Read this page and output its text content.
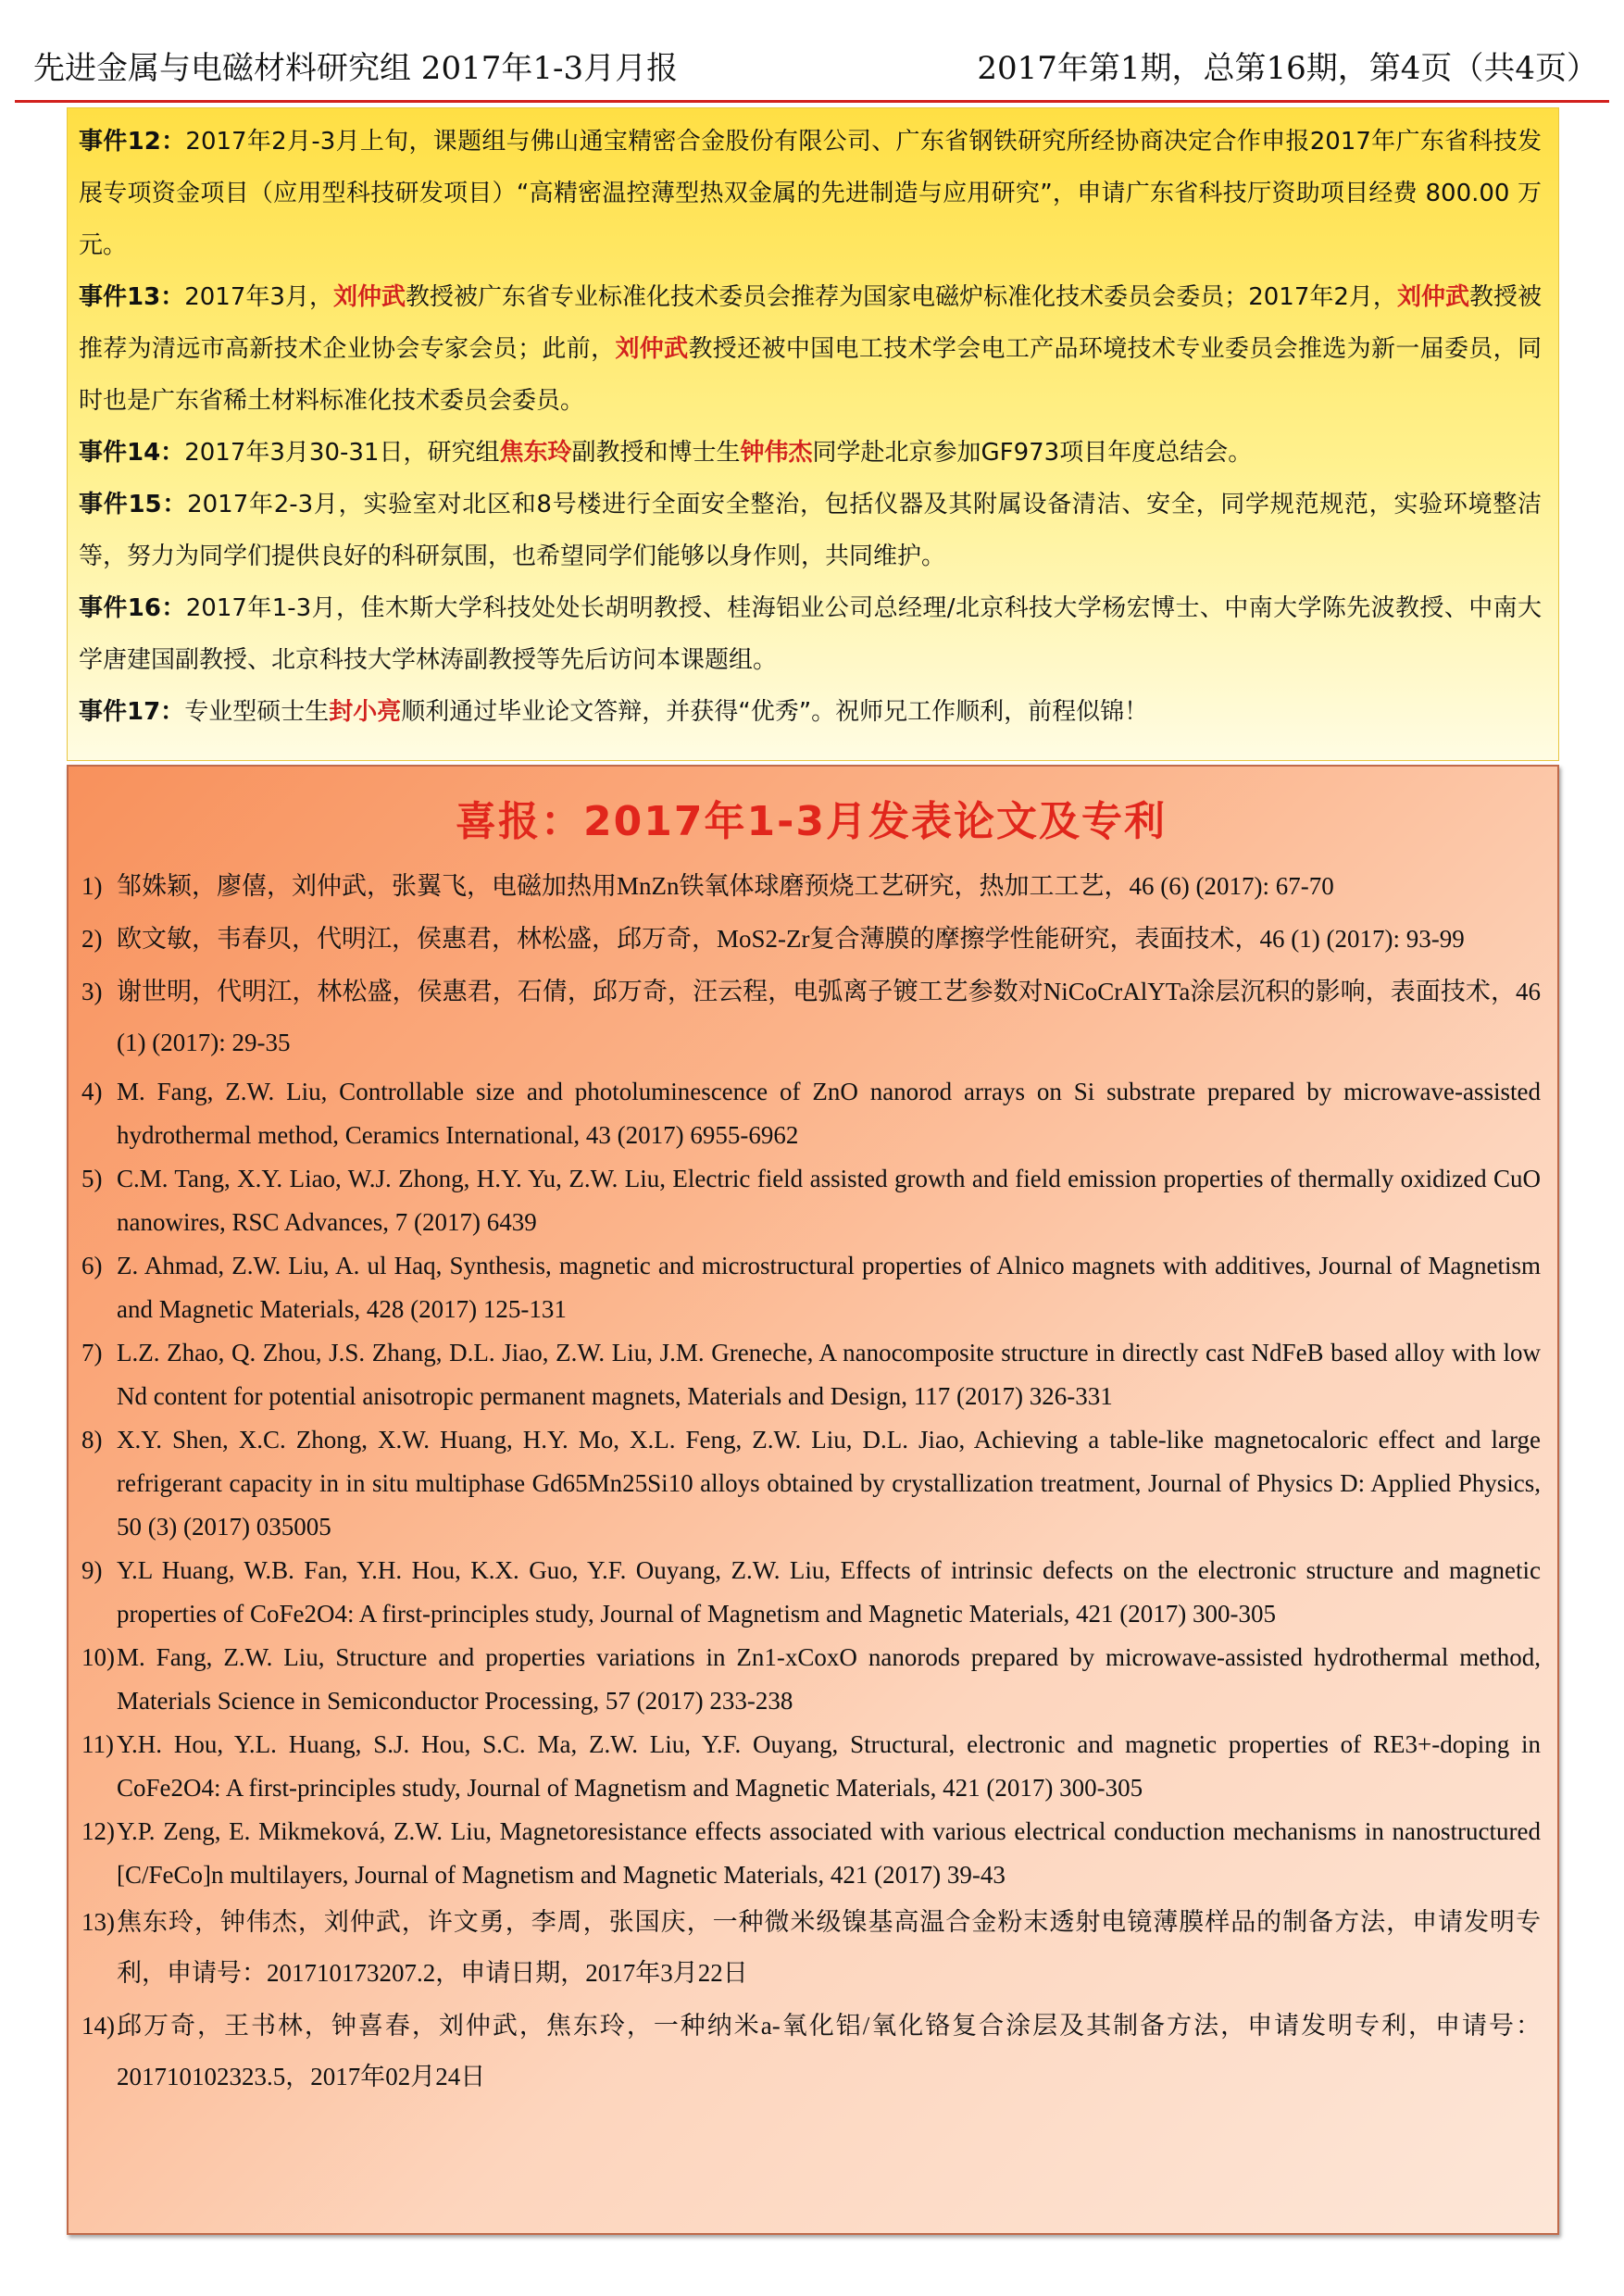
先进金属与电磁材料研究组 2017年1-3月月报	2017年第1期，总第16期，第4页（共4页）

事件12：2017年2月-3月上旬，课题组与佛山通宝精密合金股份有限公司、广东省钢铁研究所经协商决定合作申报2017年广东省科技发展专项资金项目（应用型科技研发项目）“高精密温控薄型热双金属的先进制造与应用研究”，申请广东省科技厅资助项目经费 800.00 万元。

事件13：2017年3月，刘仲武教授被广东省专业标准化技术委员会推荐为国家电磁炉标准化技术委员会委员；2017年2月，刘仲武教授被推荐为清远市高新技术企业协会专家会员；此前，刘仲武教授还被中国电工技术学会电工产品环境技术专业委员会推选为新一届委员，同时也是广东省稀土材料标准化技术委员会委员。

事件14：2017年3月30-31日，研究组焦东玲副教授和博士生钟伟杰同学赴北京参加GF973项目年度总结会。

事件15：2017年2-3月，实验室对北区和8号楼进行全面安全整治，包括仪器及其附属设备清洁、安全，同学规范规范，实验环境整洁等，努力为同学们提供良好的科研氛围，也希望同学们能够以身作则，共同维护。

事件16：2017年1-3月，佳木斯大学科技处处长胡明教授、桂海铝业公司总经理/北京科技大学杨宏博士、中南大学陈先波教授、中南大学唐建国副教授、北京科技大学林涛副教授等先后访问本课题组。

事件17：专业型硕士生封小亮顺利通过毕业论文答辩，并获得“优秀”。祝师兄工作顺利，前程似锦！

喜报：2017年1-3月发表论文及专利
1) 邹姝颖，廖僖，刘仲武，张翼飞，电磁加热用MnZn铁氧体球磨预烧工艺研究，热加工工艺，46 (6) (2017): 67-70
2) 欧文敏，韦春贝，代明江，侯惠君，林松盛，邱万奇，MoS2-Zr复合薄膜的摩擦学性能研究，表面技术，46 (1) (2017): 93-99
3) 谢世明，代明江，林松盛，侯惠君，石倩，邱万奇，汪云程，电弧离子镀工艺参数对NiCoCrAlYTa涂层沉积的影响，表面技术，46 (1) (2017): 29-35
4) M. Fang, Z.W. Liu, Controllable size and photoluminescence of ZnO nanorod arrays on Si substrate prepared by microwave-assisted hydrothermal method, Ceramics International, 43 (2017) 6955-6962
5) C.M. Tang, X.Y. Liao, W.J. Zhong, H.Y. Yu, Z.W. Liu, Electric field assisted growth and field emission properties of thermally oxidized CuO nanowires, RSC Advances, 7 (2017) 6439
6) Z. Ahmad, Z.W. Liu, A. ul Haq, Synthesis, magnetic and microstructural properties of Alnico magnets with additives, Journal of Magnetism and Magnetic Materials, 428 (2017) 125-131
7) L.Z. Zhao, Q. Zhou, J.S. Zhang, D.L. Jiao, Z.W. Liu, J.M. Greneche, A nanocomposite structure in directly cast NdFeB based alloy with low Nd content for potential anisotropic permanent magnets, Materials and Design, 117 (2017) 326-331
8) X.Y. Shen, X.C. Zhong, X.W. Huang, H.Y. Mo, X.L. Feng, Z.W. Liu, D.L. Jiao, Achieving a table-like magnetocaloric effect and large refrigerant capacity in in situ multiphase Gd65Mn25Si10 alloys obtained by crystallization treatment, Journal of Physics D: Applied Physics, 50 (3) (2017) 035005
9) Y.L Huang, W.B. Fan, Y.H. Hou, K.X. Guo, Y.F. Ouyang, Z.W. Liu, Effects of intrinsic defects on the electronic structure and magnetic properties of CoFe2O4: A first-principles study, Journal of Magnetism and Magnetic Materials, 421 (2017) 300-305
10) M. Fang, Z.W. Liu, Structure and properties variations in Zn1-xCoxO nanorods prepared by microwave-assisted hydrothermal method, Materials Science in Semiconductor Processing, 57 (2017) 233-238
11) Y.H. Hou, Y.L. Huang, S.J. Hou, S.C. Ma, Z.W. Liu, Y.F. Ouyang, Structural, electronic and magnetic properties of RE3+-doping in CoFe2O4: A first-principles study, Journal of Magnetism and Magnetic Materials, 421 (2017) 300-305
12) Y.P. Zeng, E. Mikmeková, Z.W. Liu, Magnetoresistance effects associated with various electrical conduction mechanisms in nanostructured [C/FeCo]n multilayers, Journal of Magnetism and Magnetic Materials, 421 (2017) 39-43
13) 焦东玲，钟伟杰，刘仲武，许文勇，李周，张国庆，一种微米级镍基高温合金粉末透射电镜薄膜样品的制备方法，申请发明专利，申请号：201710173207.2，申请日期，2017年3月22日
14) 邱万奇，王书林，钟喜春，刘仲武，焦东玲，一种纳米a-氧化铝/氧化铬复合涂层及其制备方法，申请发明专利，申请号：201710102323.5，2017年02月24日
